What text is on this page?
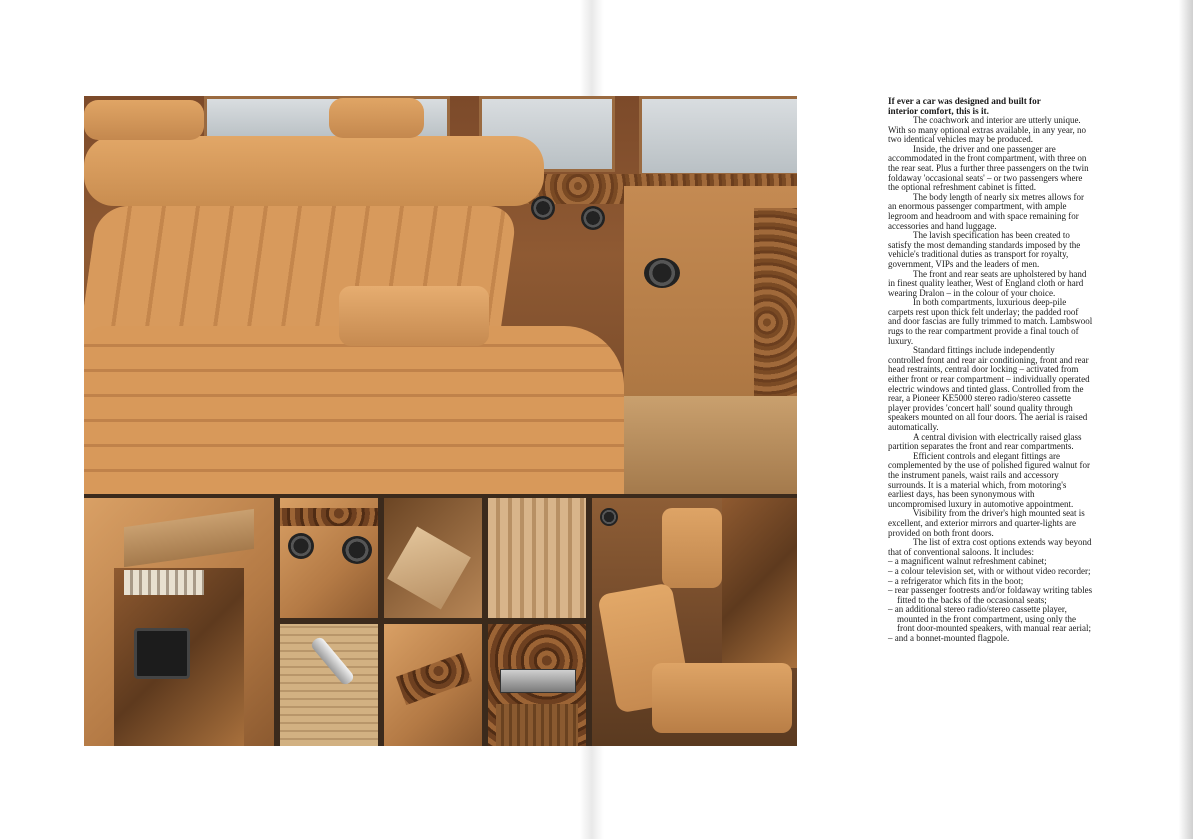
If ever a car was designed and built for
interior comfort, this is it.

The coachwork and interior are utterly unique. With so many optional extras available, in any year, no two identical vehicles may be produced.

Inside, the driver and one passenger are accommodated in the front compartment, with three on the rear seat. Plus a further three passengers on the twin foldaway 'occasional seats' – or two passengers where the optional refreshment cabinet is fitted.

The body length of nearly six metres allows for an enormous passenger compartment, with ample legroom and headroom and with space remaining for accessories and hand luggage.

The lavish specification has been created to satisfy the most demanding standards imposed by the vehicle's traditional duties as transport for royalty, government, VIPs and the leaders of men.

The front and rear seats are upholstered by hand in finest quality leather, West of England cloth or hard wearing Dralon – in the colour of your choice.

In both compartments, luxurious deep-pile carpets rest upon thick felt underlay; the padded roof and door fascias are fully trimmed to match. Lambswool rugs to the rear compartment provide a final touch of luxury.

Standard fittings include independently controlled front and rear air conditioning, front and rear head restraints, central door locking – activated from either front or rear compartment – individually operated electric windows and tinted glass. Controlled from the rear, a Pioneer KE5000 stereo radio/stereo cassette player provides 'concert hall' sound quality through speakers mounted on all four doors. The aerial is raised automatically.

A central division with electrically raised glass partition separates the front and rear compartments.

Efficient controls and elegant fittings are complemented by the use of polished figured walnut for the instrument panels, waist rails and accessory surrounds. It is a material which, from motoring's earliest days, has been synonymous with uncompromised luxury in automotive appointment.

Visibility from the driver's high mounted seat is excellent, and exterior mirrors and quarter-lights are provided on both front doors.

The list of extra cost options extends way beyond that of conventional saloons. It includes:

– a magnificent walnut refreshment cabinet;
– a colour television set, with or without video recorder;
– a refrigerator which fits in the boot;
– rear passenger footrests and/or foldaway writing tables fitted to the backs of the occasional seats;
– an additional stereo radio/stereo cassette player, mounted in the front compartment, using only the front door-mounted speakers, with manual rear aerial;
– and a bonnet-mounted flagpole.
